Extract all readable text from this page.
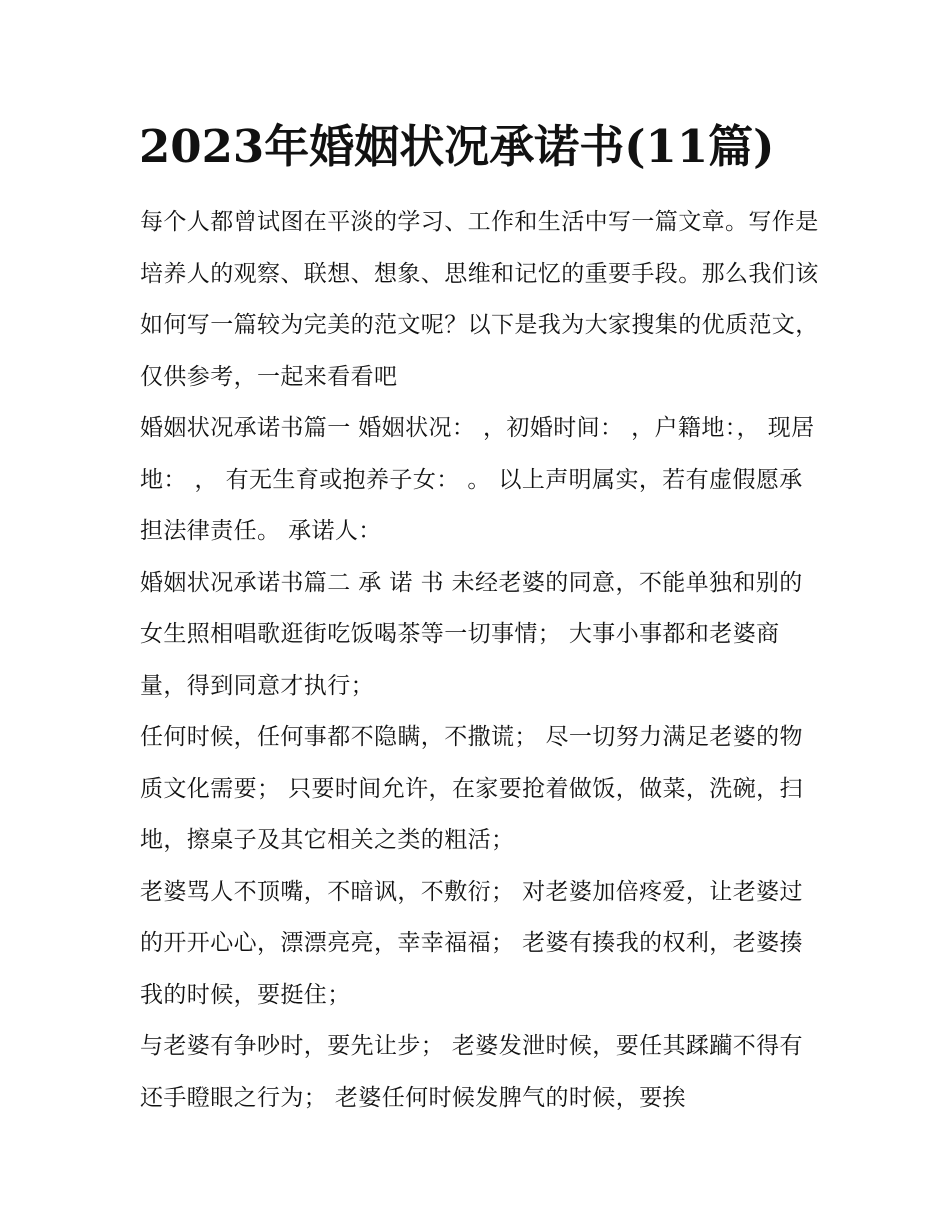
2023年婚姻状况承诺书(11篇)

每个人都曾试图在平淡的学习、工作和生活中写一篇文章。写作是培养人的观察、联想、想象、思维和记忆的重要手段。那么我们该如何写一篇较为完美的范文呢？以下是我为大家搜集的优质范文，仅供参考，一起来看看吧

婚姻状况承诺书篇一 婚姻状况： ，初婚时间： ，户籍地：， 现居 地： ， 有无生育或抱养子女： 。 以上声明属实，若有虚假愿承担法律责任。 承诺人：

婚姻状况承诺书篇二 承 诺 书 未经老婆的同意，不能单独和别的女生照相唱歌逛街吃饭喝茶等一切事情； 大事小事都和老婆商量，得到同意才执行；

任何时候，任何事都不隐瞒，不撒谎； 尽一切努力满足老婆的物质文化需要； 只要时间允许，在家要抢着做饭，做菜，洗碗，扫地，擦桌子及其它相关之类的粗活；

老婆骂人不顶嘴，不暗讽，不敷衍； 对老婆加倍疼爱，让老婆过的开开心心，漂漂亮亮，幸幸福福； 老婆有揍我的权利，老婆揍我的时候，要挺住；

与老婆有争吵时，要先让步； 老婆发泄时候，要任其蹂躏不得有还手瞪眼之行为； 老婆任何时候发脾气的时候，要挨
